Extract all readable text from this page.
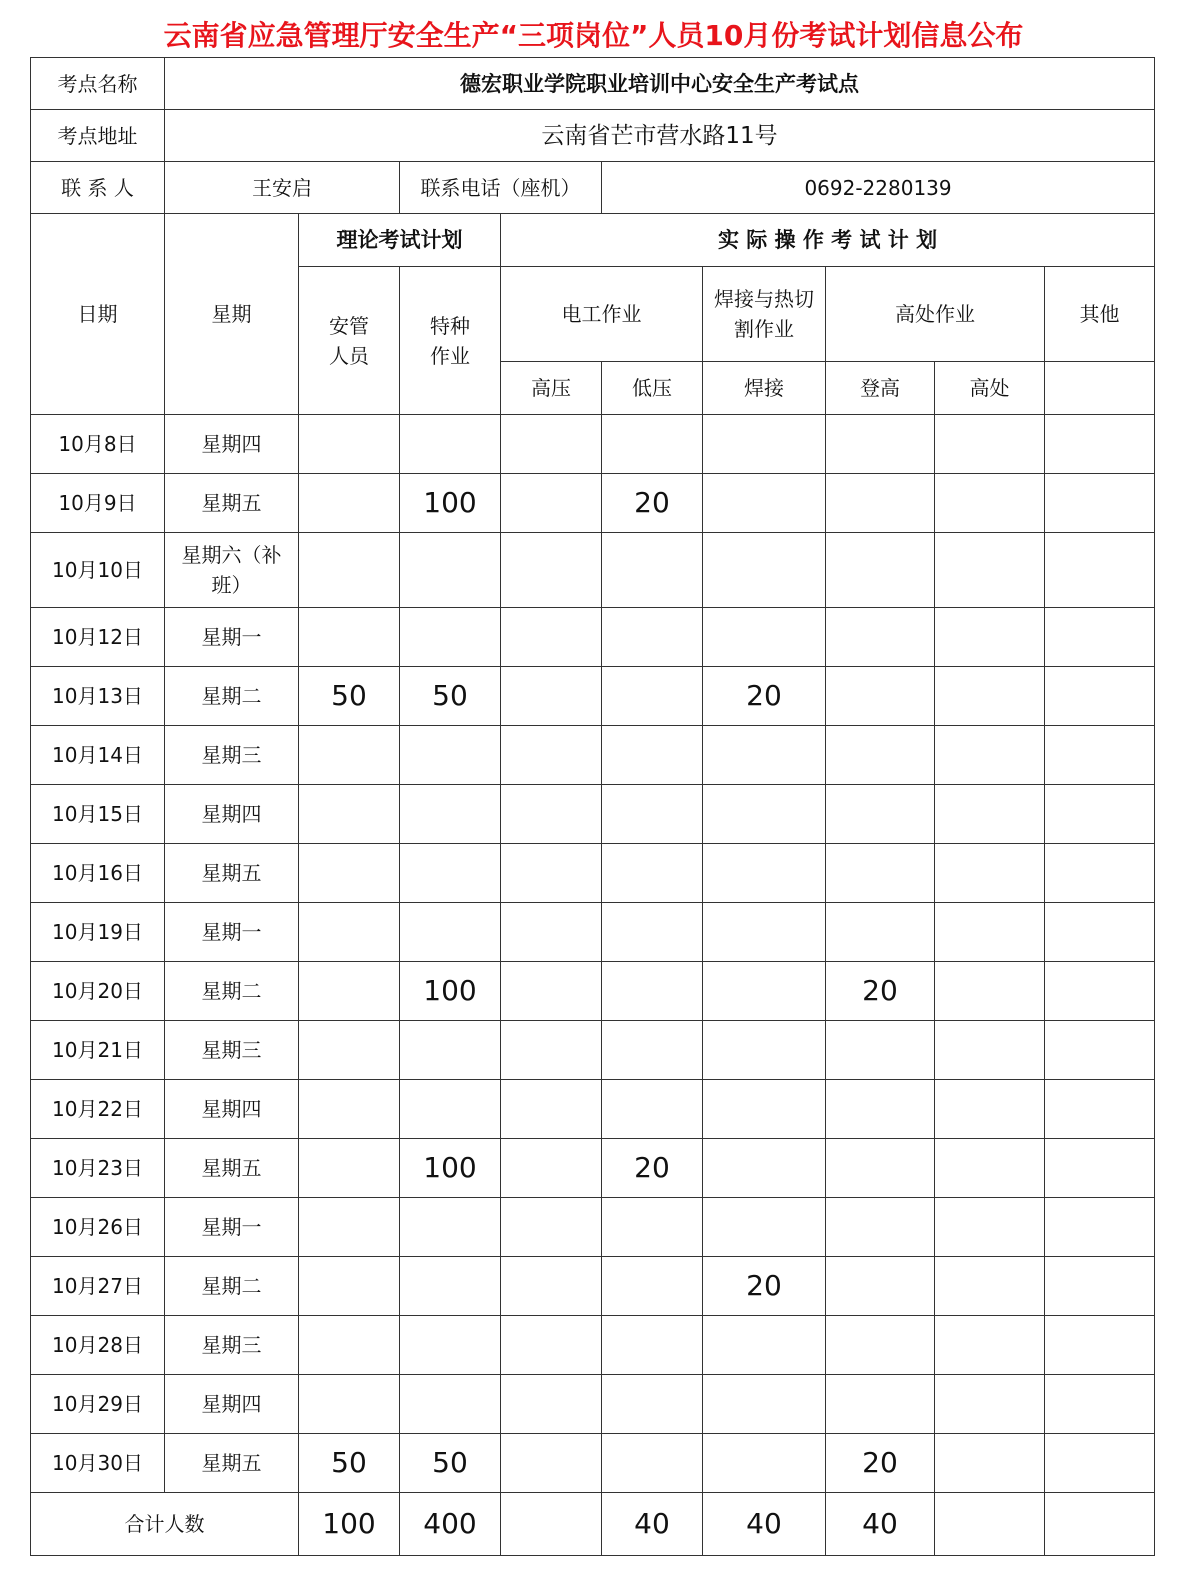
云南省应急管理厅安全生产“三项岗位”人员10月份考试计划信息公布
考点名称	德宏职业学院职业培训中心安全生产考试点								
考点地址	云南省芒市营水路11号								
联 系 人	王安启		联系电话（座机）		0692-2280139				
日期	星期	理论考试计划		实 际 操 作 考 试 计 划					
		安管人员	特种作业	电工作业		焊接与热切割作业	高处作业		其他
				高压	低压	焊接	登高	高处	
10月8日	星期四								
10月9日	星期五		100		20				
10月10日	星期六（补班）								
10月12日	星期一								
10月13日	星期二	50	50			20			
10月14日	星期三								
10月15日	星期四								
10月16日	星期五								
10月19日	星期一								
10月20日	星期二		100				20		
10月21日	星期三								
10月22日	星期四								
10月23日	星期五		100		20				
10月26日	星期一								
10月27日	星期二					20			
10月28日	星期三								
10月29日	星期四								
10月30日	星期五	50	50				20		
合计人数		100	400		40	40	40		
